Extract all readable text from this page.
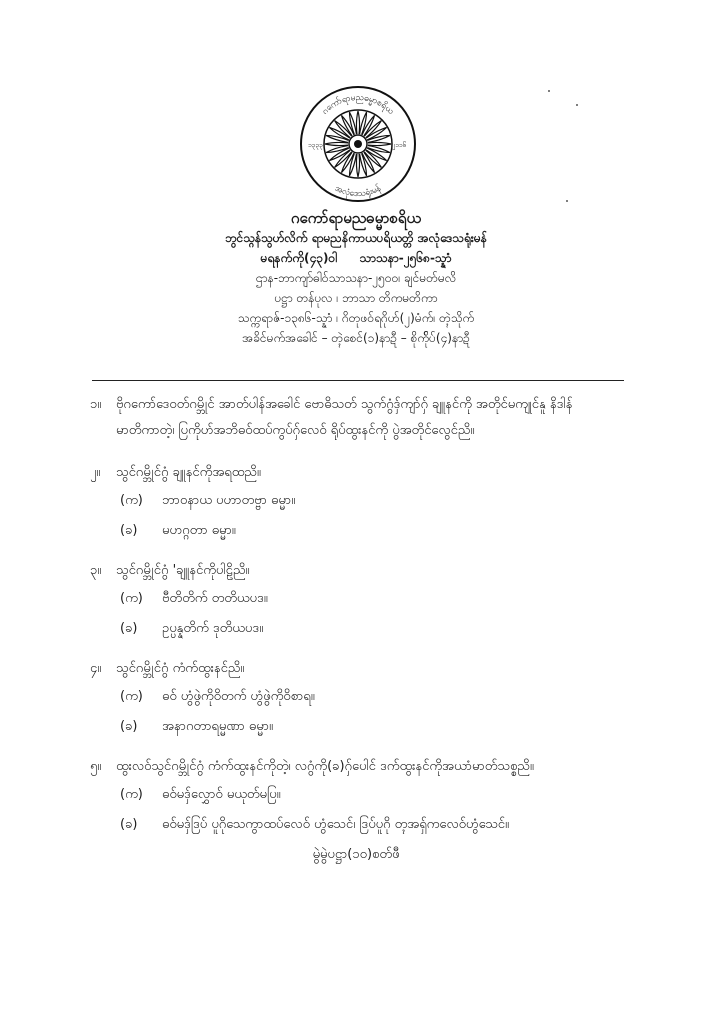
ဂကော်ရာမညဓမ္မာစရိယ
အလုံဒေသရုံးမန်
၁၃၃၃	၂၁၁၆
ဂကော်ရာမညဓမ္မာစရိယ
ဘွင်သ္ဂန်သွဟ်လိက် ရာမညနိကာယပရိယတ္တိ အလုံဒေသရုံးမန်
မရနက်ကို(၄၃)ဝါ သာသနာ-၂၅၆၈-သ္နာံ
ဌာန-ဘာကျာ်ဓါဝ်သာသနာ-၂၅၀၀၊ ချင်မတ်မလိ
ပဋ္ဌာ တန်ပုလ ၊ ဘာသာ တိကမတိကာ
သက္ကရာဇ်-၁၃၈၆-သ္နာံ ၊ ဂိတုဖဝ်ရဂိုဟ်(၂)မံက်၊ တ္ၚဲသိုက်
အခိင်မက်အခေါင် – တ္ၚဲစေင်(၁)နာဍီ – စိုက်ိုပ်(၄)နာဍီ
၁။ ဗိုဂကော်ဒေဝတ်ဂမ္ဘိုင် အာတ်ပါန်အခေါင် ဗောဓိသတ် သွက်ဂွံဒှ်ကျာ်ဂှ် ချူနင်ကို အတိုင်မကျုင်နူ နိဒါန်
မာတိကာတဲ့၊ ပြကိုဟ်အဘိဓဝ်ထပ်ကွပ်ဂှ်လေဝ် ရိုပ်ထွးနင်ကို ပွဲအတိုင်လွေင်ညိ။
၂။ သွင်ဂမ္ဘိုင်ဂွံ ချူနင်ကိုအရထညိ။
(က) ဘာဝနာယ ပဟာတဗ္ဗာ ဓမ္မာ။
(ခ) မဟဂ္ဂတာ ဓမ္မာ။
၃။ သွင်ဂမ္ဘိုင်ဂွံ 'ချူနင်ကိုပါဠိညိ။
(က) ဗီတိတိက် တတိယပဒ။
(ခ) ဥပ္ပန္နတိက် ဒုတိယပဒ။
၄။ သွင်ဂမ္ဘိုင်ဂွံ ကံက်ထွးနင်ညိ။
(က) ဓဝ် ဟွံဖွဲကိုဝိတက် ဟွံဖွဲကိုဝိစာရ။
(ခ) အနာဂတာရမ္မဏာ ဓမ္မာ။
၅။ ထွးလဝ်သွင်ဂမ္ဘိုင်ဂွံ ကံက်ထွးနင်ကိုတဲ့၊ လဂွံကို(ခ)ဂှ်ပေါင် ဒက်ထွးနင်ကိုအယာံမာတ်သစ္စညိ။
(က) ဓဝ်မဒှ်လွှောဝ် မယုတ်မပြ။
(ခ) ဓဝ်မဒှ်ဒြပ် ပူဂိုသေကွာထပ်လေဝ် ဟွံသေင်၊ ဒြပ်ပူဂို တ္ၚအရှ်ကလေဝ်ဟွံသေင်။
မွဲမွဲပဋ္ဌာ(၁၀)စတ်ဖီ
